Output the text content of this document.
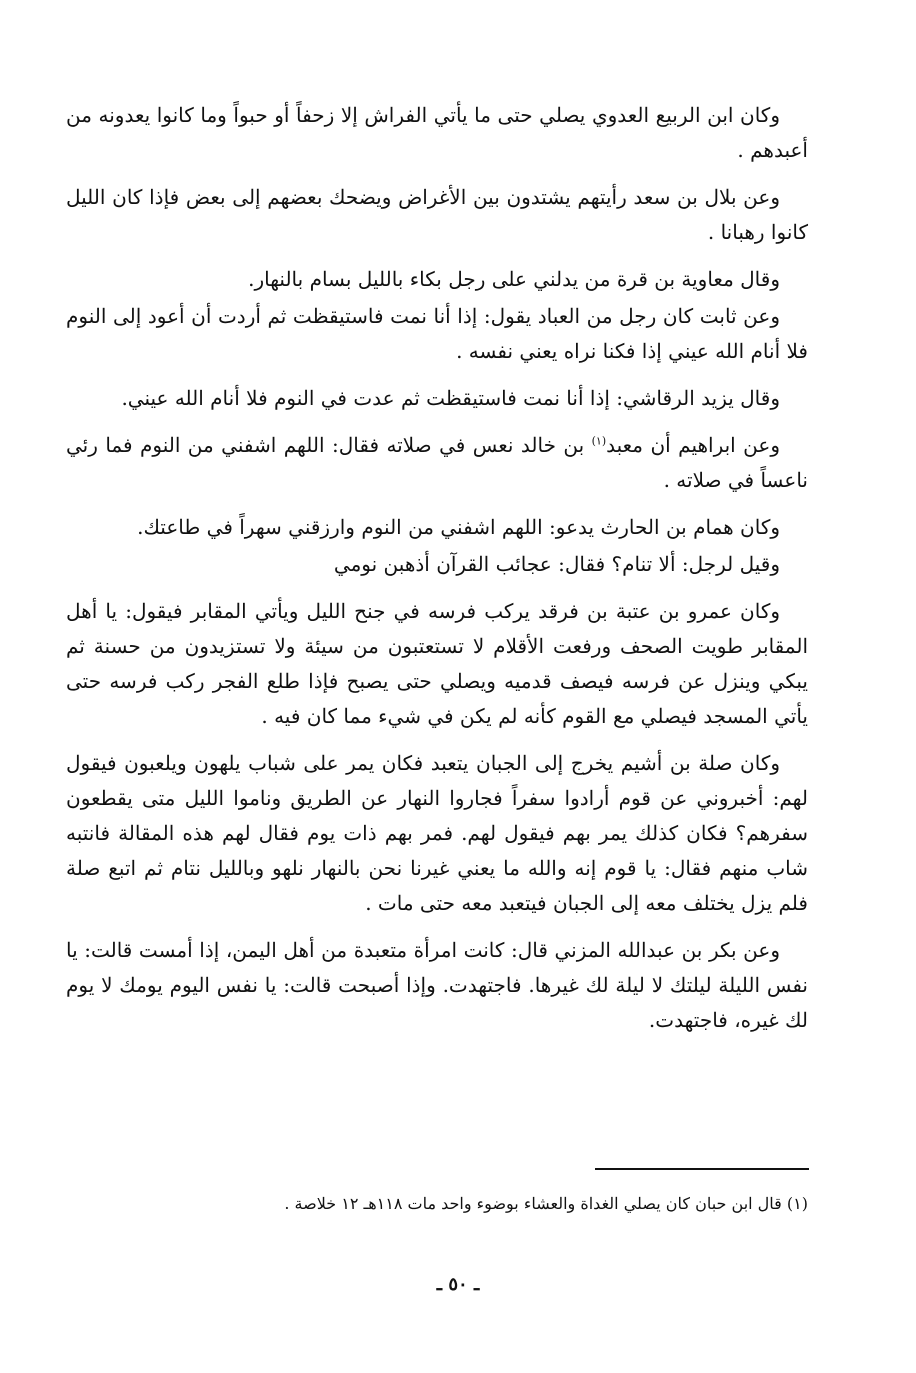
وكان ابن الربيع العدوي يصلي حتى ما يأتي الفراش إلا زحفاً أو حبواً وما كانوا يعدونه من أعبدهم .

وعن بلال بن سعد رأيتهم يشتدون بين الأغراض ويضحك بعضهم إلى بعض فإذا كان الليل كانوا رهبانا .

وقال معاوية بن قرة من يدلني على رجل بكاء بالليل بسام بالنهار.

وعن ثابت كان رجل من العباد يقول: إذا أنا نمت فاستيقظت ثم أردت أن أعود إلى النوم فلا أنام الله عيني إذا فكنا نراه يعني نفسه .

وقال يزيد الرقاشي: إذا أنا نمت فاستيقظت ثم عدت في النوم فلا أنام الله عيني.

وعن ابراهيم أن معبد$^{(١)}$ بن خالد نعس في صلاته فقال: اللهم اشفني من النوم فما رئي ناعساً في صلاته .

وكان همام بن الحارث يدعو: اللهم اشفني من النوم وارزقني سهراً في طاعتك.

وقيل لرجل: ألا تنام؟ فقال: عجائب القرآن أذهبن نومي

وكان عمرو بن عتبة بن فرقد يركب فرسه في جنح الليل ويأتي المقابر فيقول: يا أهل المقابر طويت الصحف ورفعت الأقلام لا تستعتبون من سيئة ولا تستزيدون من حسنة ثم يبكي وينزل عن فرسه فيصف قدميه ويصلي حتى يصبح فإذا طلع الفجر ركب فرسه حتى يأتي المسجد فيصلي مع القوم كأنه لم يكن في شيء مما كان فيه .

وكان صلة بن أشيم يخرج إلى الجبان يتعبد فكان يمر على شباب يلهون ويلعبون فيقول لهم: أخبروني عن قوم أرادوا سفراً فجاروا النهار عن الطريق وناموا الليل متى يقطعون سفرهم؟ فكان كذلك يمر بهم فيقول لهم. فمر بهم ذات يوم فقال لهم هذه المقالة فانتبه شاب منهم فقال: يا قوم إنه والله ما يعني غيرنا نحن بالنهار نلهو وبالليل نتام ثم اتبع صلة فلم يزل يختلف معه إلى الجبان فيتعبد معه حتى مات .

وعن بكر بن عبدالله المزني قال: كانت امرأة متعبدة من أهل اليمن، إذا أمست قالت: يا نفس الليلة ليلتك لا ليلة لك غيرها. فاجتهدت. وإذا أصبحت قالت: يا نفس اليوم يومك لا يوم لك غيره، فاجتهدت.

(١) قال ابن حبان كان يصلي الغداة والعشاء بوضوء واحد مات ١١٨هـ ١٢ خلاصة .
ـ ٥٠ ـ
